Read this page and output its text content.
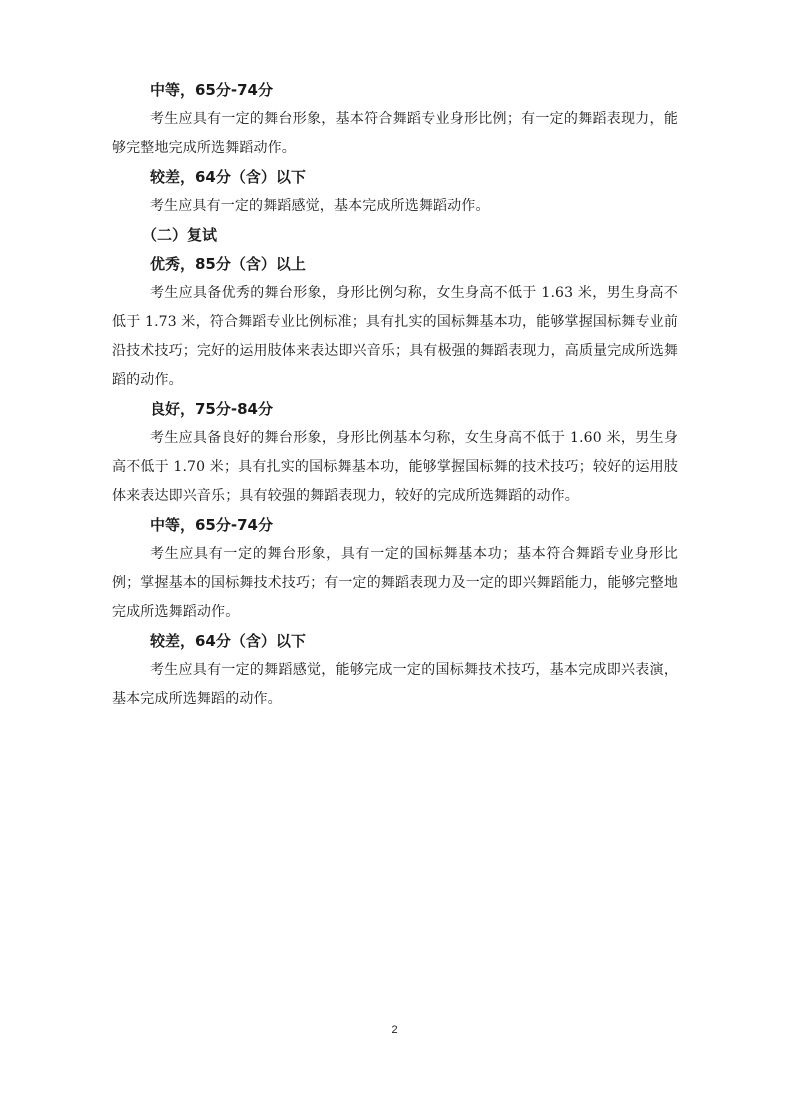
中等，65分-74分

考生应具有一定的舞台形象，基本符合舞蹈专业身形比例；有一定的舞蹈表现力，能够完整地完成所选舞蹈动作。

较差，64分（含）以下

考生应具有一定的舞蹈感觉，基本完成所选舞蹈动作。

（二）复试

优秀，85分（含）以上

考生应具备优秀的舞台形象，身形比例匀称，女生身高不低于 1.63 米，男生身高不低于 1.73 米，符合舞蹈专业比例标准；具有扎实的国标舞基本功，能够掌握国标舞专业前沿技术技巧；完好的运用肢体来表达即兴音乐；具有极强的舞蹈表现力，高质量完成所选舞蹈的动作。

良好，75分-84分

考生应具备良好的舞台形象，身形比例基本匀称，女生身高不低于 1.60 米，男生身高不低于 1.70 米；具有扎实的国标舞基本功，能够掌握国标舞的技术技巧；较好的运用肢体来表达即兴音乐；具有较强的舞蹈表现力，较好的完成所选舞蹈的动作。

中等，65分-74分

考生应具有一定的舞台形象，具有一定的国标舞基本功；基本符合舞蹈专业身形比例；掌握基本的国标舞技术技巧；有一定的舞蹈表现力及一定的即兴舞蹈能力，能够完整地完成所选舞蹈动作。

较差，64分（含）以下

考生应具有一定的舞蹈感觉，能够完成一定的国标舞技术技巧，基本完成即兴表演，基本完成所选舞蹈的动作。

2
